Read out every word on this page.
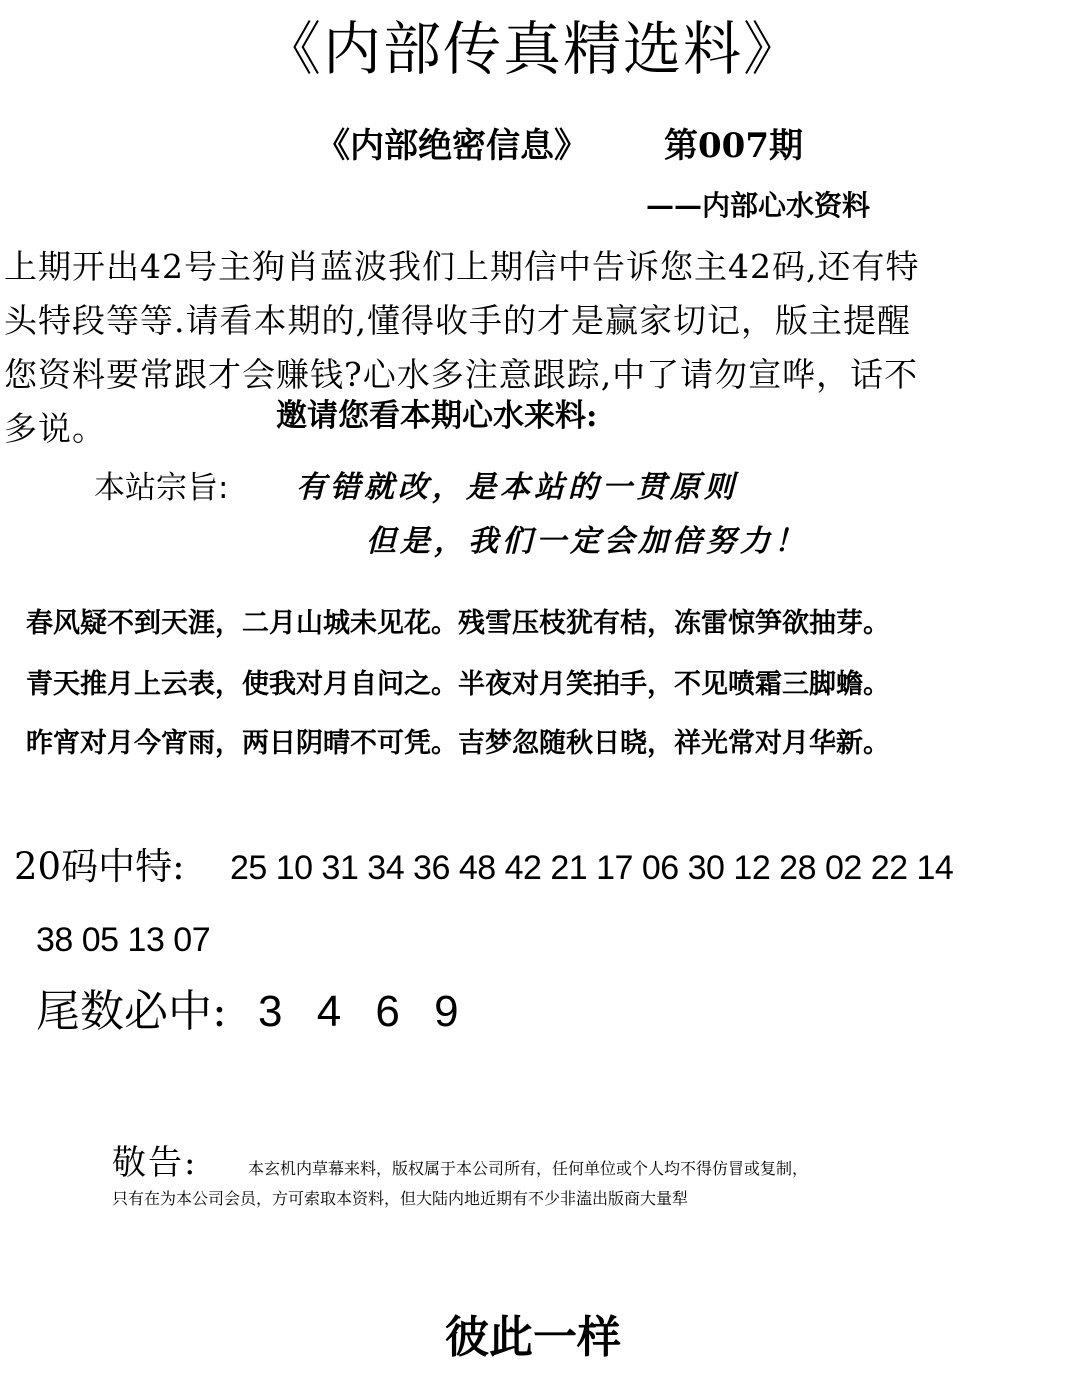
《内部传真精选料》
《内部绝密信息》 第007期
——内部心水资料
上期开出42号主狗肖蓝波我们上期信中告诉您主42码,还有特
头特段等等.请看本期的,懂得收手的才是赢家切记，版主提醒
您资料要常跟才会赚钱?心水多注意跟踪,中了请勿宣哗，话不
多说。	邀请您看本期心水来料:
本站宗旨: 有错就改，是本站的一贯原则
但是，我们一定会加倍努力！
春风疑不到天涯，二月山城未见花。残雪压枝犹有桔，冻雷惊笋欲抽芽。
青天推月上云表，使我对月自问之。半夜对月笑拍手，不见喷霜三脚蟾。
昨宵对月今宵雨，两日阴晴不可凭。吉梦忽随秋日晓，祥光常对月华新。
20码中特: 25 10 31 34 36 48 42 21 17 06 30 12 28 02 22 14
38 05 13 07
尾数必中: 3 4 6 9
敬告:	本玄机内草幕来料，版权属于本公司所有，任何单位或个人均不得仿冒或复制，
只有在为本公司会员，方可索取本资料，但大陆内地近期有不少非溘出版商大量犁
彼此一样
